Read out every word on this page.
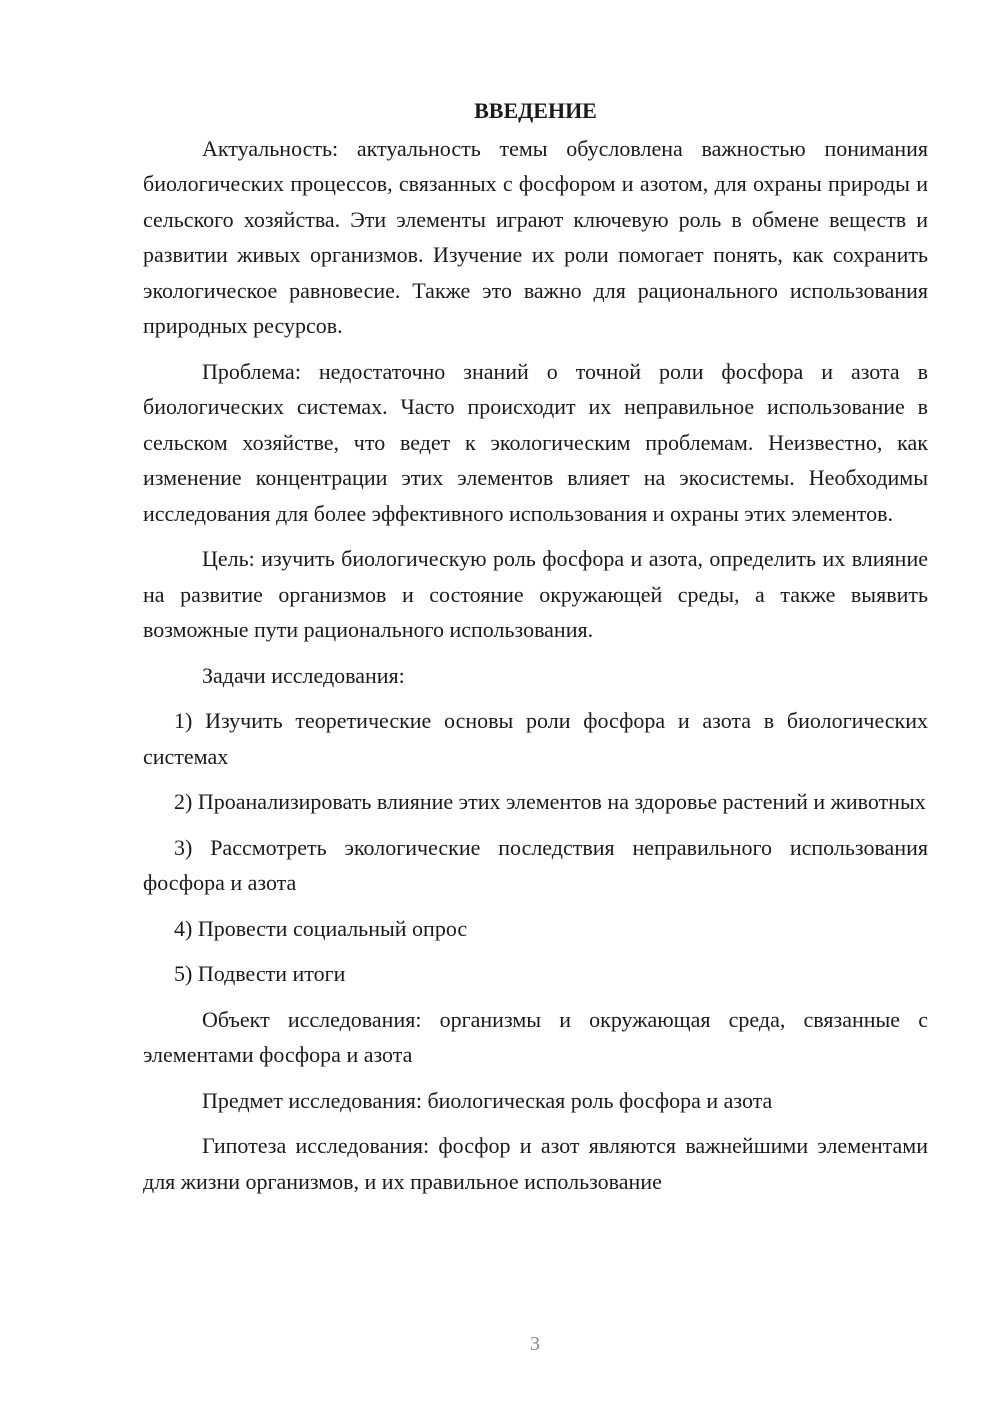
ВВЕДЕНИЕ

Актуальность: актуальность темы обусловлена важностью понимания биологических процессов, связанных с фосфором и азотом, для охраны природы и сельского хозяйства. Эти элементы играют ключевую роль в обмене веществ и развитии живых организмов. Изучение их роли помогает понять, как сохранить экологическое равновесие. Также это важно для рационального использования природных ресурсов.

Проблема: недостаточно знаний о точной роли фосфора и азота в биологических системах. Часто происходит их неправильное использование в сельском хозяйстве, что ведет к экологическим проблемам. Неизвестно, как изменение концентрации этих элементов влияет на экосистемы. Необходимы исследования для более эффективного использования и охраны этих элементов.

Цель: изучить биологическую роль фосфора и азота, определить их влияние на развитие организмов и состояние окружающей среды, а также выявить возможные пути рационального использования.

Задачи исследования:

1) Изучить теоретические основы роли фосфора и азота в биологических системах

2) Проанализировать влияние этих элементов на здоровье растений и животных

3) Рассмотреть экологические последствия неправильного использования фосфора и азота

4) Провести социальный опрос

5) Подвести итоги

Объект исследования: организмы и окружающая среда, связанные с элементами фосфора и азота

Предмет исследования: биологическая роль фосфора и азота

Гипотеза исследования: фосфор и азот являются важнейшими элементами для жизни организмов, и их правильное использование

3
